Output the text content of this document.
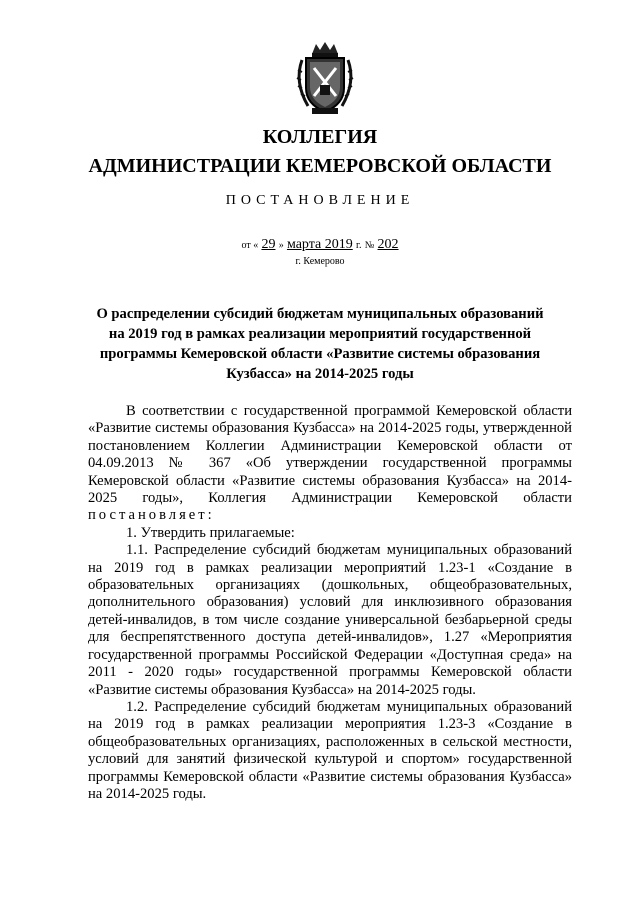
КОЛЛЕГИЯ
АДМИНИСТРАЦИИ КЕМЕРОВСКОЙ ОБЛАСТИ
ПОСТАНОВЛЕНИЕ
от « 29 » марта 2019 г. № 202
г. Кемерово

О распределении субсидий бюджетам муниципальных образований на 2019 год в рамках реализации мероприятий государственной программы Кемеровской области «Развитие системы образования Кузбасса» на 2014-2025 годы

В соответствии с государственной программой Кемеровской области «Развитие системы образования Кузбасса» на 2014-2025 годы, утвержденной постановлением Коллегии Администрации Кемеровской области от 04.09.2013 № 367 «Об утверждении государственной программы Кемеровской области «Развитие системы образования Кузбасса» на 2014-2025 годы», Коллегия Администрации Кемеровской области постановляет:

1. Утвердить прилагаемые:

1.1. Распределение субсидий бюджетам муниципальных образований на 2019 год в рамках реализации мероприятий 1.23-1 «Создание в образовательных организациях (дошкольных, общеобразовательных, дополнительного образования) условий для инклюзивного образования детей-инвалидов, в том числе создание универсальной безбарьерной среды для беспрепятственного доступа детей-инвалидов», 1.27 «Мероприятия государственной программы Российской Федерации «Доступная среда» на 2011 - 2020 годы» государственной программы Кемеровской области «Развитие системы образования Кузбасса» на 2014-2025 годы.

1.2. Распределение субсидий бюджетам муниципальных образований на 2019 год в рамках реализации мероприятия 1.23-3 «Создание в общеобразовательных организациях, расположенных в сельской местности, условий для занятий физической культурой и спортом» государственной программы Кемеровской области «Развитие системы образования Кузбасса» на 2014-2025 годы.
